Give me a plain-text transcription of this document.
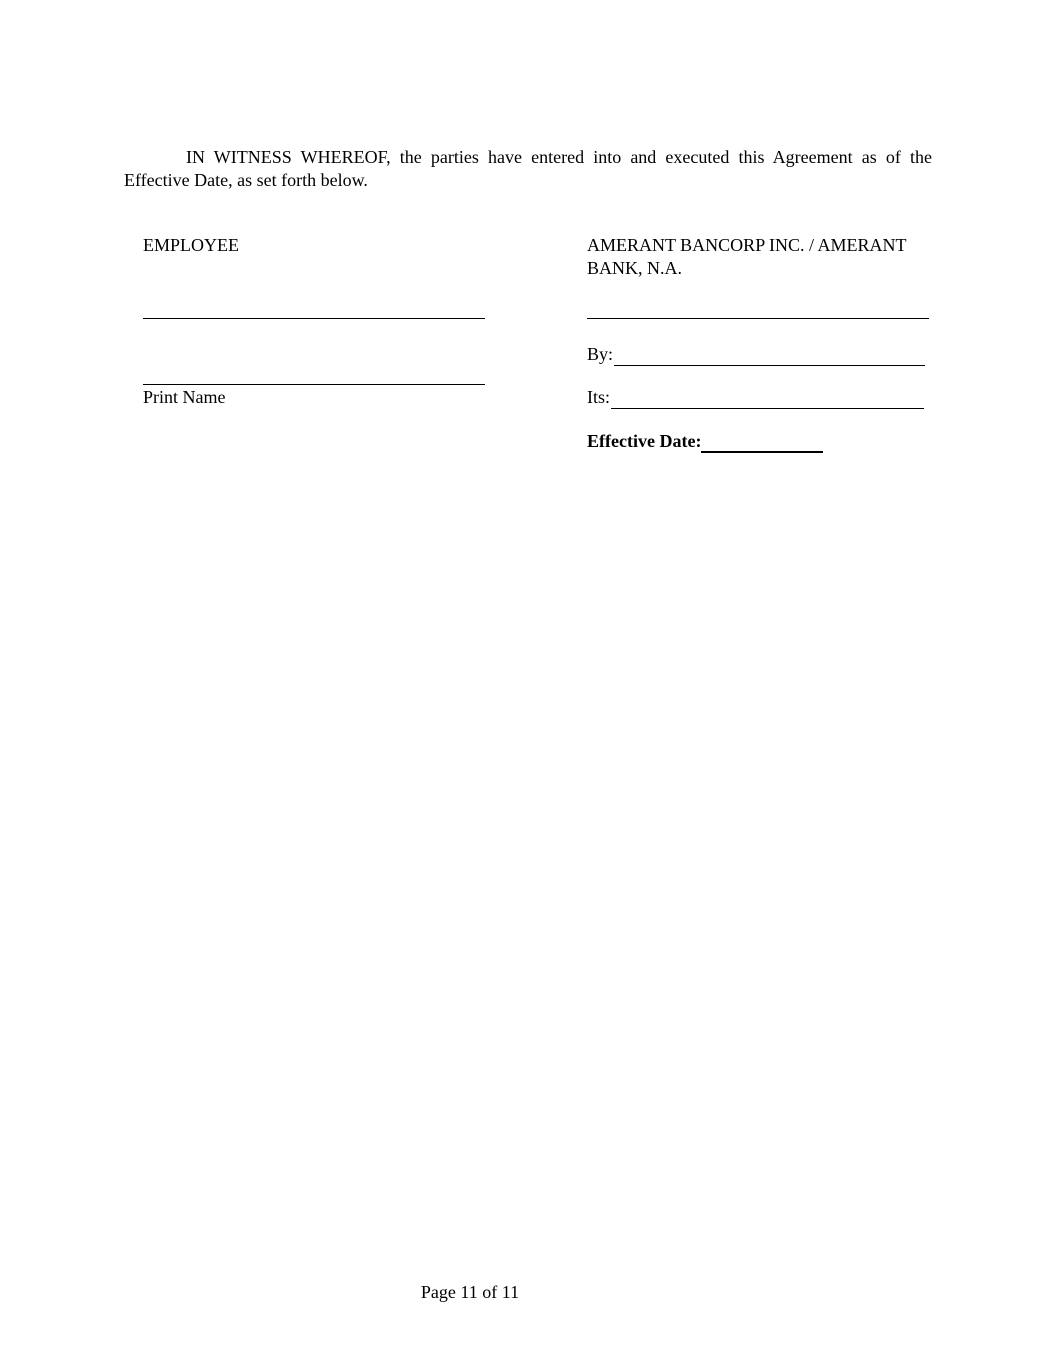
IN WITNESS WHEREOF, the parties have entered into and executed this Agreement as of the Effective Date, as set forth below.

EMPLOYEE
Print Name
AMERANT BANCORP INC. / AMERANT BANK, N.A.
By:
Its:
Effective Date:
Page 11 of 11
